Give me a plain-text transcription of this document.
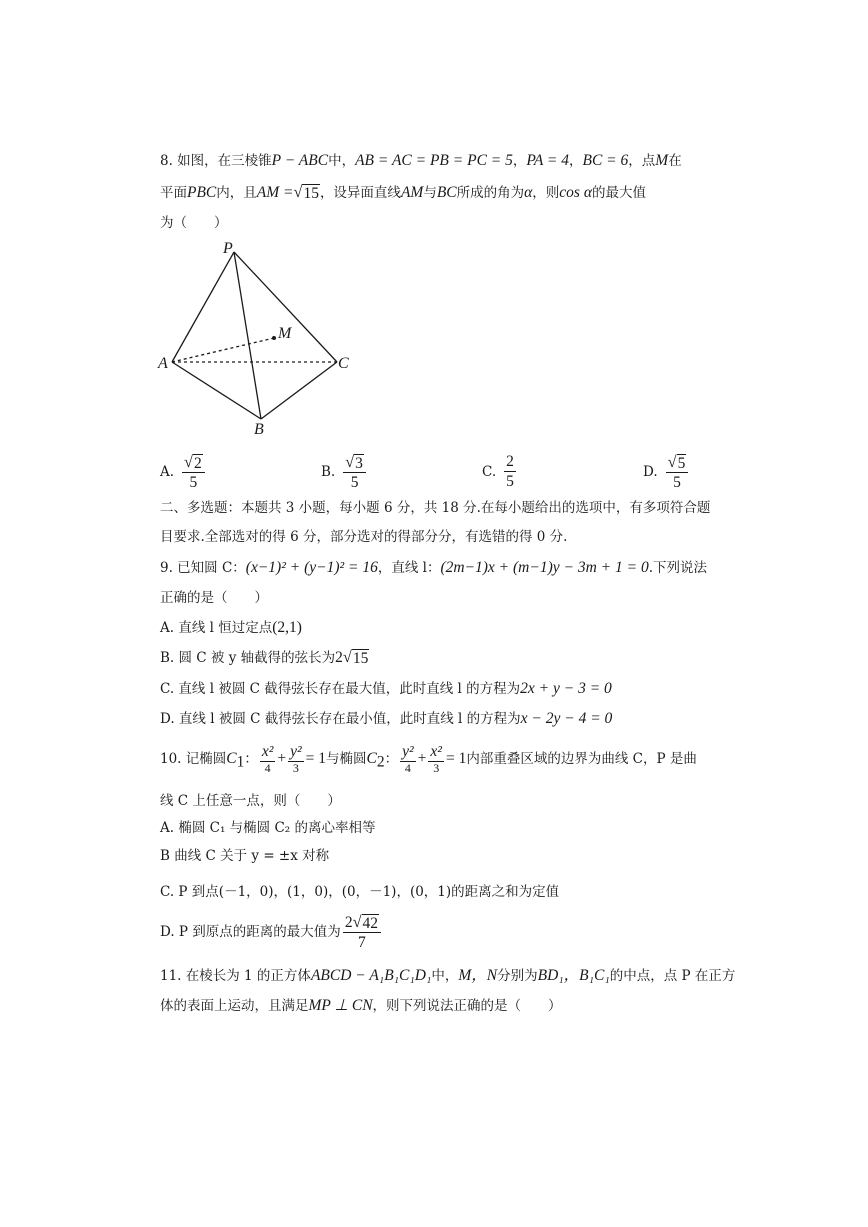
8. 如图，在三棱锥P − ABC中，AB = AC = PB = PC = 5，PA = 4，BC = 6，点M在
平面PBC内，且AM = √ 15 ，设异面直线AM与BC所成的角为α，则cos α的最大值
为（　　）
P
M
A	C
B
A. $\frac{√ 2}{5}$	B. $\frac{√ 3}{5}$	C. $\frac{2}{5}$	D. $\frac{√ 5}{5}$
二、多选题：本题共 3 小题，每小题 6 分，共 18 分.在每小题给出的选项中，有多项符合题
目要求.全部选对的得 6 分，部分选对的得部分分，有选错的得 0 分.
9. 已知圆 C：(x−1)² + (y−1)² = 16，直线 l：(2m−1)x + (m−1)y − 3m + 1 = 0.下列说法
正确的是（　　）
A. 直线 l 恒过定点(2,1)
B. 圆 C 被 y 轴截得的弦长为2 √ 15
C. 直线 l 被圆 C 截得弦长存在最大值，此时直线 l 的方程为2x + y − 3 = 0
D. 直线 l 被圆 C 截得弦长存在最小值，此时直线 l 的方程为x − 2y − 4 = 0
10. 记椭圆$C_1$： $\frac{\text{x²}}{4} + \frac{\text{y²}}{3} = 1$与椭圆$C_2$： $\frac{\text{y²}}{4} + \frac{\text{x²}}{3} = 1$内部重叠区域的边界为曲线 C，P 是曲
线 C 上任意一点，则（　　）
A. 椭圆 C₁ 与椭圆 C₂ 的离心率相等
B 曲线 C 关于 y = ±x 对称
C. P 到点(－1，0)，(1，0)，(0，－1)，(0，1)的距离之和为定值
D. P 到原点的距离的最大值为 $\frac{2 √ 42}{7}$
11. 在棱长为 1 的正方体ABCD − A₁B₁C₁D₁中，M，N分别为BD₁，B₁C₁的中点，点 P 在正方
体的表面上运动，且满足MP ⊥ CN，则下列说法正确的是（　　）
